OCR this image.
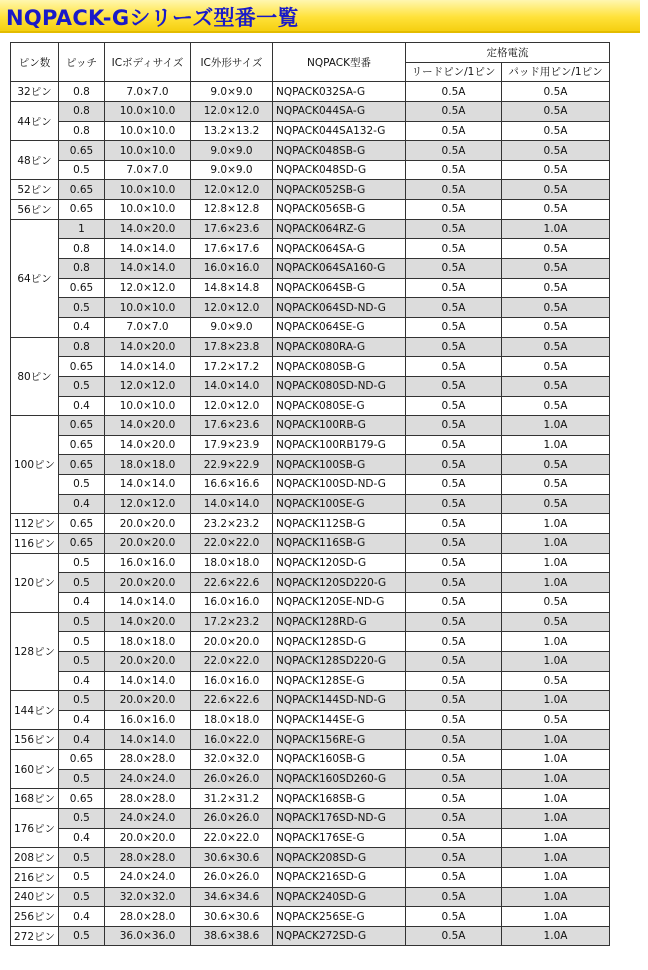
NQPACK-Gシリーズ型番一覧
ピン数	ピッチ	ICボディサイズ	IC外形サイズ	NQPACK型番	定格電流	
					リードピン/1ピン	パッド用ピン/1ピン
32ピン	0.8	7.0×7.0	9.0×9.0	NQPACK032SA-G	0.5A	0.5A
44ピン	0.8	10.0×10.0	12.0×12.0	NQPACK044SA-G	0.5A	0.5A
	0.8	10.0×10.0	13.2×13.2	NQPACK044SA132-G	0.5A	0.5A
48ピン	0.65	10.0×10.0	9.0×9.0	NQPACK048SB-G	0.5A	0.5A
	0.5	7.0×7.0	9.0×9.0	NQPACK048SD-G	0.5A	0.5A
52ピン	0.65	10.0×10.0	12.0×12.0	NQPACK052SB-G	0.5A	0.5A
56ピン	0.65	10.0×10.0	12.8×12.8	NQPACK056SB-G	0.5A	0.5A
64ピン	1	14.0×20.0	17.6×23.6	NQPACK064RZ-G	0.5A	1.0A
	0.8	14.0×14.0	17.6×17.6	NQPACK064SA-G	0.5A	0.5A
	0.8	14.0×14.0	16.0×16.0	NQPACK064SA160-G	0.5A	0.5A
	0.65	12.0×12.0	14.8×14.8	NQPACK064SB-G	0.5A	0.5A
	0.5	10.0×10.0	12.0×12.0	NQPACK064SD-ND-G	0.5A	0.5A
	0.4	7.0×7.0	9.0×9.0	NQPACK064SE-G	0.5A	0.5A
80ピン	0.8	14.0×20.0	17.8×23.8	NQPACK080RA-G	0.5A	0.5A
	0.65	14.0×14.0	17.2×17.2	NQPACK080SB-G	0.5A	0.5A
	0.5	12.0×12.0	14.0×14.0	NQPACK080SD-ND-G	0.5A	0.5A
	0.4	10.0×10.0	12.0×12.0	NQPACK080SE-G	0.5A	0.5A
100ピン	0.65	14.0×20.0	17.6×23.6	NQPACK100RB-G	0.5A	1.0A
	0.65	14.0×20.0	17.9×23.9	NQPACK100RB179-G	0.5A	1.0A
	0.65	18.0×18.0	22.9×22.9	NQPACK100SB-G	0.5A	0.5A
	0.5	14.0×14.0	16.6×16.6	NQPACK100SD-ND-G	0.5A	0.5A
	0.4	12.0×12.0	14.0×14.0	NQPACK100SE-G	0.5A	0.5A
112ピン	0.65	20.0×20.0	23.2×23.2	NQPACK112SB-G	0.5A	1.0A
116ピン	0.65	20.0×20.0	22.0×22.0	NQPACK116SB-G	0.5A	1.0A
120ピン	0.5	16.0×16.0	18.0×18.0	NQPACK120SD-G	0.5A	1.0A
	0.5	20.0×20.0	22.6×22.6	NQPACK120SD220-G	0.5A	1.0A
	0.4	14.0×14.0	16.0×16.0	NQPACK120SE-ND-G	0.5A	0.5A
128ピン	0.5	14.0×20.0	17.2×23.2	NQPACK128RD-G	0.5A	0.5A
	0.5	18.0×18.0	20.0×20.0	NQPACK128SD-G	0.5A	1.0A
	0.5	20.0×20.0	22.0×22.0	NQPACK128SD220-G	0.5A	1.0A
	0.4	14.0×14.0	16.0×16.0	NQPACK128SE-G	0.5A	0.5A
144ピン	0.5	20.0×20.0	22.6×22.6	NQPACK144SD-ND-G	0.5A	1.0A
	0.4	16.0×16.0	18.0×18.0	NQPACK144SE-G	0.5A	0.5A
156ピン	0.4	14.0×14.0	16.0×22.0	NQPACK156RE-G	0.5A	1.0A
160ピン	0.65	28.0×28.0	32.0×32.0	NQPACK160SB-G	0.5A	1.0A
	0.5	24.0×24.0	26.0×26.0	NQPACK160SD260-G	0.5A	1.0A
168ピン	0.65	28.0×28.0	31.2×31.2	NQPACK168SB-G	0.5A	1.0A
176ピン	0.5	24.0×24.0	26.0×26.0	NQPACK176SD-ND-G	0.5A	1.0A
	0.4	20.0×20.0	22.0×22.0	NQPACK176SE-G	0.5A	1.0A
208ピン	0.5	28.0×28.0	30.6×30.6	NQPACK208SD-G	0.5A	1.0A
216ピン	0.5	24.0×24.0	26.0×26.0	NQPACK216SD-G	0.5A	1.0A
240ピン	0.5	32.0×32.0	34.6×34.6	NQPACK240SD-G	0.5A	1.0A
256ピン	0.4	28.0×28.0	30.6×30.6	NQPACK256SE-G	0.5A	1.0A
272ピン	0.5	36.0×36.0	38.6×38.6	NQPACK272SD-G	0.5A	1.0A
